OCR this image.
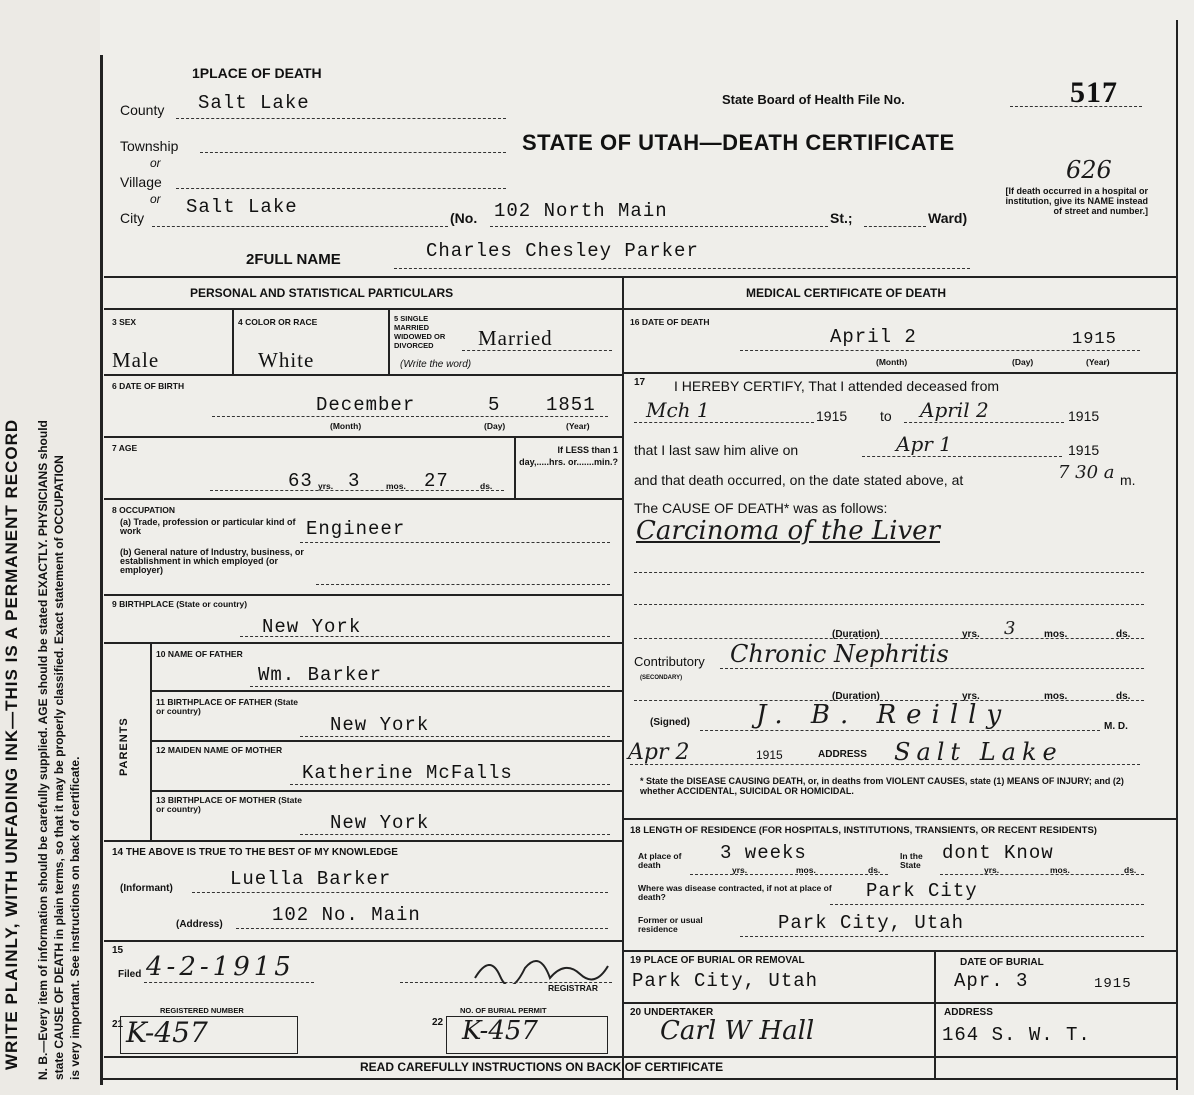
N. B.—Every item of information should be carefully supplied. AGE should be stated EXACTLY. PHYSICIANS should state CAUSE OF DEATH in plain terms, so that it may be properly classified. Exact statement of OCCUPATION is very important. See instructions on back of certificate.
WRITE PLAINLY, WITH UNFADING INK—THIS IS A PERMANENT RECORD
1PLACE OF DEATH
County Salt Lake
Township
or
Village
or
City Salt Lake	(No. 102 North Main	St.;	Ward)
State Board of Health File No.	517
STATE OF UTAH—DEATH CERTIFICATE
626
[If death occurred in a hospital or institution, give its NAME instead of street and number.]
2FULL NAME	Charles Chesley Parker
PERSONAL AND STATISTICAL PARTICULARS
3 SEX
Male
4 COLOR OR RACE
White
5 SINGLE MARRIED WIDOWED OR DIVORCED	Married
(Write the word)
6 DATE OF BIRTH
December	5 1851
(Month)	(Day)	(Year)
7 AGE
63 yrs. 3	mos. 27	ds.
If LESS than 1 day,.....hrs. or.......min.?
8 OCCUPATION
(a) Trade, profession or particular kind of work	Engineer
(b) General nature of Industry, business, or establishment in which employed (or employer)
9 BIRTHPLACE (State or country)
New York
PARENTS
10 NAME OF FATHER
Wm. Barker
11 BIRTHPLACE OF FATHER (State or country)
New York
12 MAIDEN NAME OF MOTHER
Katherine McFalls
13 BIRTHPLACE OF MOTHER (State or country)
New York
14 THE ABOVE IS TRUE TO THE BEST OF MY KNOWLEDGE
(Informant)	Luella Barker
(Address)	102 No. Main
15
Filed 4-2-1915
REGISTRAR
REGISTERED NUMBER
21 K-457	22
NO. OF BURIAL PERMIT
K-457
MEDICAL CERTIFICATE OF DEATH
16 DATE OF DEATH
April 2	1915
(Month)	(Day)	(Year)
17 I HEREBY CERTIFY, That I attended deceased from
Mch 1	1915 to April 2	1915
that I last saw him alive on	Apr 1	1915
and that death occurred, on the date stated above, at	7 30 a m.
The CAUSE OF DEATH* was as follows:
Carcinoma of the Liver
(Duration)	yrs. 3	mos.	ds.
Contributory
(SECONDARY)
Chronic Nephritis
(Duration)	yrs.	mos.	ds.
(Signed)	J. B. Reilly	M. D.
Apr 2	1915	ADDRESS Salt Lake
* State the DISEASE CAUSING DEATH, or, in deaths from VIOLENT CAUSES, state (1) MEANS OF INJURY; and (2) whether ACCIDENTAL, SUICIDAL OR HOMICIDAL.
18 LENGTH OF RESIDENCE (FOR HOSPITALS, INSTITUTIONS, TRANSIENTS, OR RECENT RESIDENTS)
At place of death
3 weeks
yrs.	mos.	ds.
In the State
dont Know
yrs.	mos.	ds.
Where was disease contracted, if not at place of death?	Park City
Former or usual residence	Park City, Utah
19 PLACE OF BURIAL OR REMOVAL
Park City, Utah
DATE OF BURIAL
Apr. 3	1915
20 UNDERTAKER
Carl W Hall
ADDRESS
164 S. W. T.
READ CAREFULLY INSTRUCTIONS ON BACK OF CERTIFICATE
